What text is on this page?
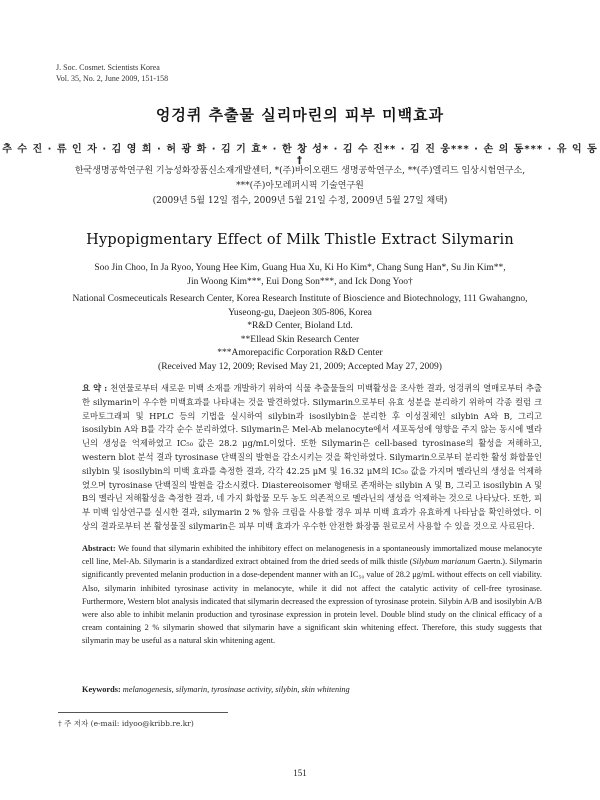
J. Soc. Cosmet. Scientists Korea
Vol. 35, No. 2, June 2009, 151-158
엉겅퀴 추출물 실리마린의 피부 미백효과
추 수 진 · 류 인 자 · 김 영 희 · 허 광 화 · 김 기 효* · 한 창 성* · 김 수 진** · 김 진 웅*** · 손 의 동*** · 유 익 동†
한국생명공학연구원 기능성화장품신소재개발센터, *(주)바이오랜드 생명공학연구소, **(주)엘리드 임상시험연구소,
***(주)아모레퍼시픽 기술연구원
(2009년 5월 12일 접수, 2009년 5월 21일 수정, 2009년 5월 27일 채택)
Hypopigmentary Effect of Milk Thistle Extract Silymarin
Soo Jin Choo, In Ja Ryoo, Young Hee Kim, Guang Hua Xu, Ki Ho Kim*, Chang Sung Han*, Su Jin Kim**,
Jin Woong Kim***, Eui Dong Son***, and Ick Dong Yoo†
National Cosmeceuticals Research Center, Korea Research Institute of Bioscience and Biotechnology, 111 Gwahangno,
Yuseong-gu, Daejeon 305-806, Korea
*R&D Center, Bioland Ltd.
**Ellead Skin Research Center
***Amorepacific Corporation R&D Center
(Received May 12, 2009; Revised May 21, 2009; Accepted May 27, 2009)
요 약 : 천연물로부터 새로운 미백 소재를 개발하기 위하여 식물 추출물들의 미백활성을 조사한 결과, 엉겅퀴의 열매로부터 추출한 silymarin이 우수한 미백효과를 나타내는 것을 발견하였다. Silymarin으로부터 유효 성분을 분리하기 위하여 각종 컬럼 크로마토그래피 및 HPLC 등의 기법을 실시하여 silybin과 isosilybin을 분리한 후 이성질체인 silybin A와 B, 그리고 isosilybin A와 B를 각각 순수 분리하였다. Silymarin은 Mel-Ab melanocyte에서 세포독성에 영향을 주지 않는 동시에 멜라닌의 생성을 억제하였고 IC₅₀ 값은 28.2 μg/mL이었다. 또한 Silymarin은 cell-based tyrosinase의 활성을 저해하고, western blot 분석 결과 tyrosinase 단백질의 발현을 감소시키는 것을 확인하였다. Silymarin으로부터 분리한 활성 화합물인 silybin 및 isosilybin의 미백 효과를 측정한 결과, 각각 42.25 μM 및 16.32 μM의 IC₅₀ 값을 가지며 멜라닌의 생성을 억제하였으며 tyrosinase 단백질의 발현을 감소시켰다. Diastereoisomer 형태로 존재하는 silybin A 및 B, 그리고 isosilybin A 및 B의 멜라닌 저해활성을 측정한 결과, 네 가지 화합물 모두 농도 의존적으로 멜라닌의 생성을 억제하는 것으로 나타났다. 또한, 피부 미백 임상연구를 실시한 결과, silymarin 2 % 함유 크림을 사용할 경우 피부 미백 효과가 유효하게 나타남을 확인하였다. 이상의 결과로부터 본 활성물질 silymarin은 피부 미백 효과가 우수한 안전한 화장품 원료로서 사용할 수 있을 것으로 사료된다.
Abstract: We found that silymarin exhibited the inhibitory effect on melanogenesis in a spontaneously immortalized mouse melanocyte cell line, Mel-Ab. Silymarin is a standardized extract obtained from the dried seeds of milk thistle (Silybum marianum Gaertn.). Silymarin significantly prevented melanin production in a dose-dependent manner with an IC₅₀ value of 28.2 μg/mL without effects on cell viability. Also, silymarin inhibited tyrosinase activity in melanocyte, while it did not affect the catalytic activity of cell-free tyrosinase. Furthermore, Western blot analysis indicated that silymarin decreased the expression of tyrosinase protein. Silybin A/B and isosilybin A/B were also able to inhibit melanin production and tyrosinase expression in protein level. Double blind study on the clinical efficacy of a cream containing 2 % silymarin showed that silymarin have a significant skin whitening effect. Therefore, this study suggests that silymarin may be useful as a natural skin whitening agent.
Keywords: melanogenesis, silymarin, tyrosinase activity, silybin, skin whitening
† 주 저자 (e-mail: idyoo@kribb.re.kr)
151
